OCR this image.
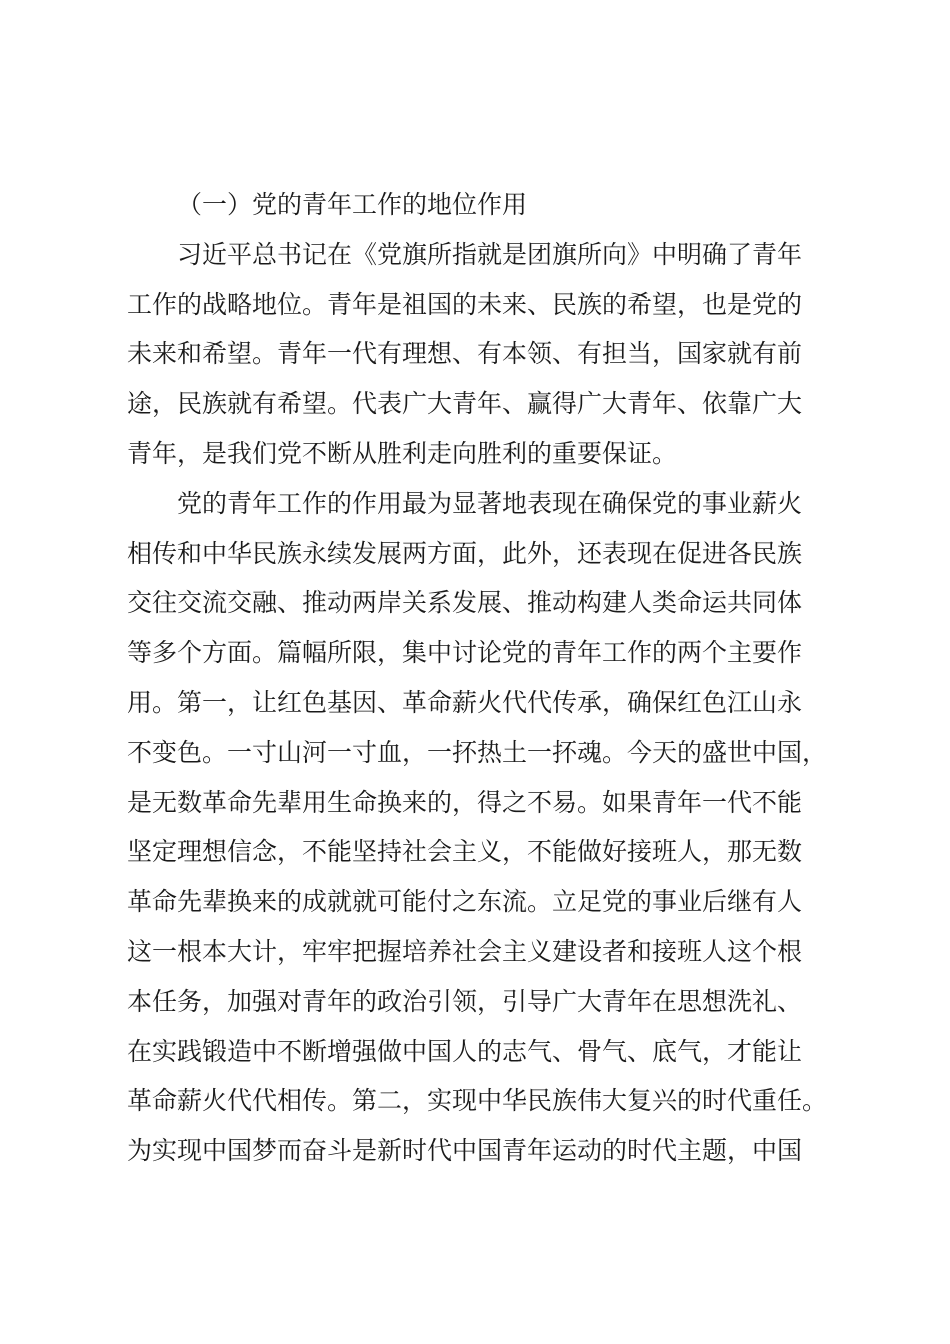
（一）党的青年工作的地位作用
习近平总书记在《党旗所指就是团旗所向》中明确了青年
工作的战略地位。青年是祖国的未来、民族的希望，也是党的
未来和希望。青年一代有理想、有本领、有担当，国家就有前
途，民族就有希望。代表广大青年、赢得广大青年、依靠广大
青年，是我们党不断从胜利走向胜利的重要保证。
党的青年工作的作用最为显著地表现在确保党的事业薪火
相传和中华民族永续发展两方面，此外，还表现在促进各民族
交往交流交融、推动两岸关系发展、推动构建人类命运共同体
等多个方面。篇幅所限，集中讨论党的青年工作的两个主要作
用。第一，让红色基因、革命薪火代代传承，确保红色江山永
不变色。一寸山河一寸血，一抔热土一抔魂。今天的盛世中国，
是无数革命先辈用生命换来的，得之不易。如果青年一代不能
坚定理想信念，不能坚持社会主义，不能做好接班人，那无数
革命先辈换来的成就就可能付之东流。立足党的事业后继有人
这一根本大计，牢牢把握培养社会主义建设者和接班人这个根
本任务，加强对青年的政治引领，引导广大青年在思想洗礼、
在实践锻造中不断增强做中国人的志气、骨气、底气，才能让
革命薪火代代相传。第二，实现中华民族伟大复兴的时代重任。
为实现中国梦而奋斗是新时代中国青年运动的时代主题，中国
